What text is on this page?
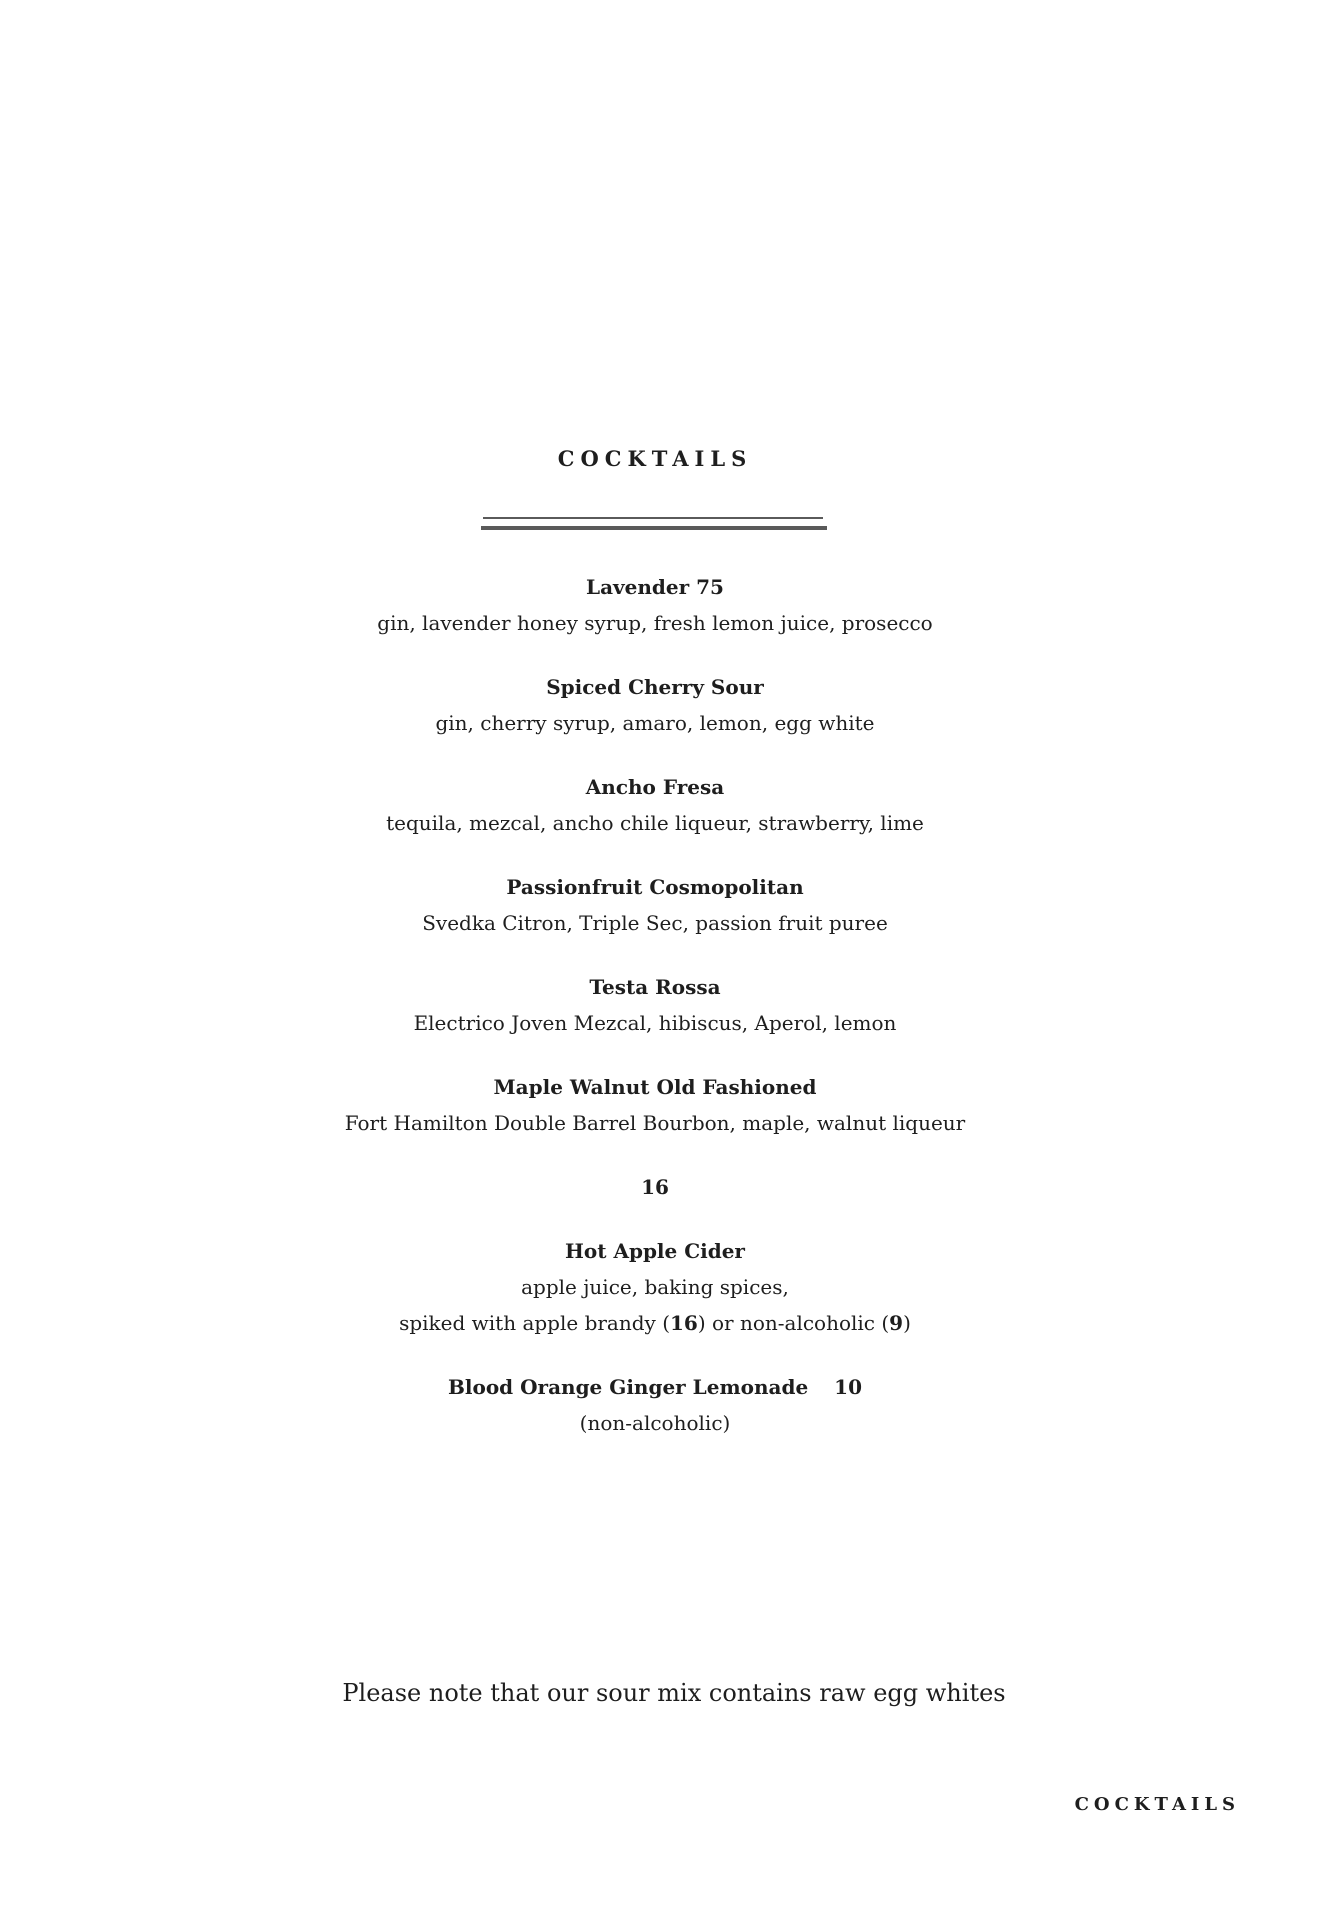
COCKTAILS
Lavender 75
gin, lavender honey syrup, fresh lemon juice, prosecco
Spiced Cherry Sour
gin, cherry syrup, amaro, lemon, egg white
Ancho Fresa
tequila, mezcal, ancho chile liqueur, strawberry, lime
Passionfruit Cosmopolitan
Svedka Citron, Triple Sec, passion fruit puree
Testa Rossa
Electrico Joven Mezcal, hibiscus, Aperol, lemon
Maple Walnut Old Fashioned
Fort Hamilton Double Barrel Bourbon, maple, walnut liqueur
16
Hot Apple Cider
apple juice, baking spices,
spiked with apple brandy (16) or non-alcoholic (9)
Blood Orange Ginger Lemonade 10
(non-alcoholic)
Please note that our sour mix contains raw egg whites
COCKTAILS
